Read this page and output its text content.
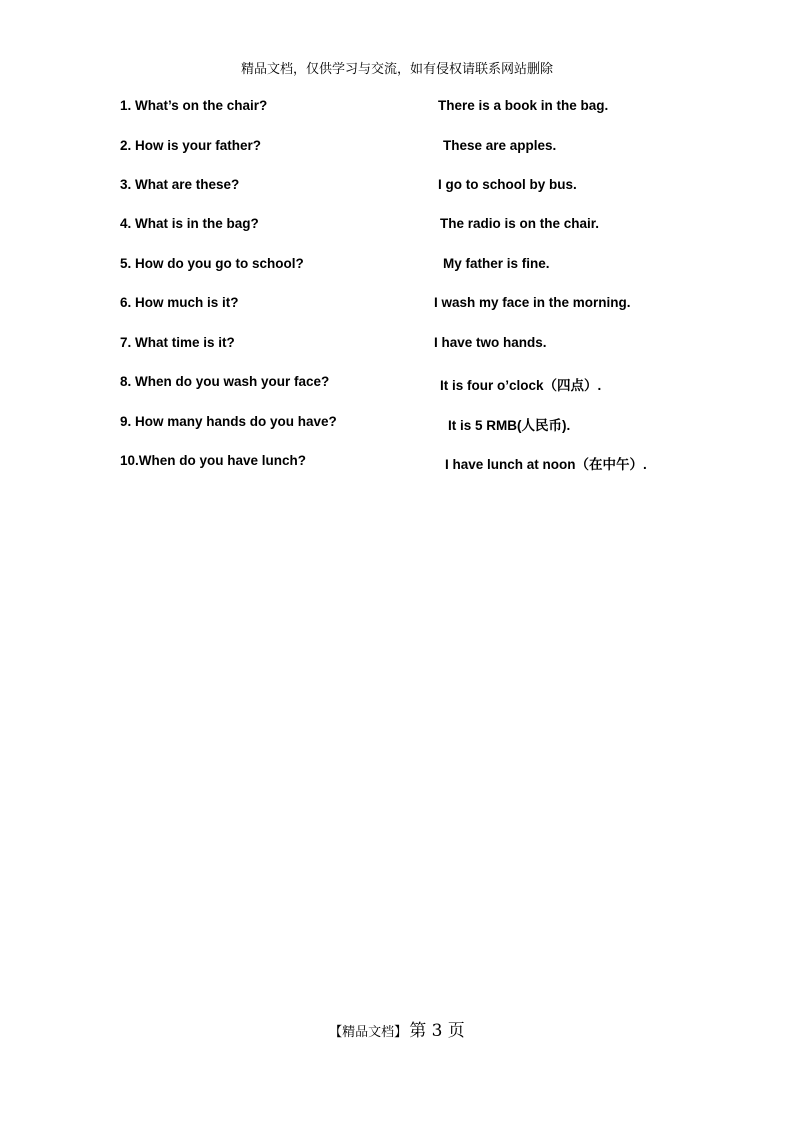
精品文档，仅供学习与交流，如有侵权请联系网站删除
1. What’s on the chair?	There is a book in the bag.
2. How is your father?	These are apples.
3. What are these?	I go to school by bus.
4. What is in the bag?	The radio is on the chair.
5. How do you go to school?	My father is fine.
6. How much is it?	I wash my face in the morning.
7. What time is it?	I have two hands.
8. When do you wash your face?	It is four o’clock（四点）.
9. How many hands do you have?	It is 5 RMB(人民币).
10.When do you have lunch?	I have lunch at noon（在中午）.
【精品文档】 第 3 页
